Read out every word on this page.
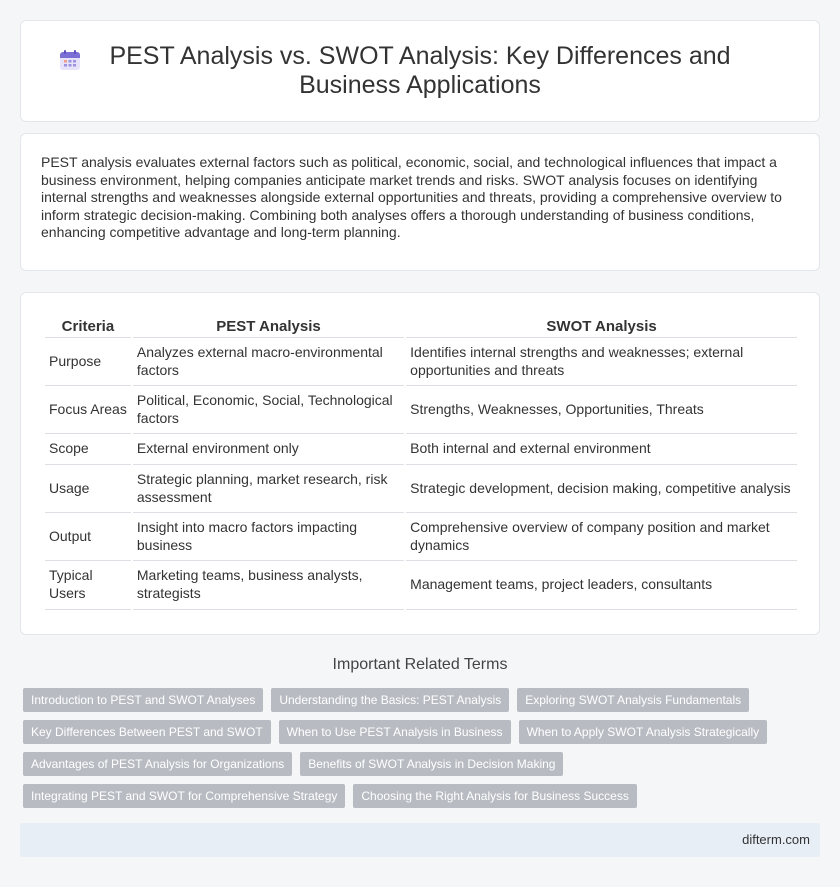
PEST Analysis vs. SWOT Analysis: Key Differences and Business Applications

PEST analysis evaluates external factors such as political, economic, social, and technological influences that impact a business environment, helping companies anticipate market trends and risks. SWOT analysis focuses on identifying internal strengths and weaknesses alongside external opportunities and threats, providing a comprehensive overview to inform strategic decision-making. Combining both analyses offers a thorough understanding of business conditions, enhancing competitive advantage and long-term planning.

Criteria	PEST Analysis	SWOT Analysis
Purpose	Analyzes external macro-environmental factors	Identifies internal strengths and weaknesses; external opportunities and threats
Focus Areas	Political, Economic, Social, Technological factors	Strengths, Weaknesses, Opportunities, Threats
Scope	External environment only	Both internal and external environment
Usage	Strategic planning, market research, risk assessment	Strategic development, decision making, competitive analysis
Output	Insight into macro factors impacting business	Comprehensive overview of company position and market dynamics
Typical Users	Marketing teams, business analysts, strategists	Management teams, project leaders, consultants
Important Related Terms
Introduction to PEST and SWOT Analyses	Understanding the Basics: PEST Analysis	Exploring SWOT Analysis Fundamentals
Key Differences Between PEST and SWOT	When to Use PEST Analysis in Business	When to Apply SWOT Analysis Strategically
Advantages of PEST Analysis for Organizations	Benefits of SWOT Analysis in Decision Making
Integrating PEST and SWOT for Comprehensive Strategy	Choosing the Right Analysis for Business Success
difterm.com
